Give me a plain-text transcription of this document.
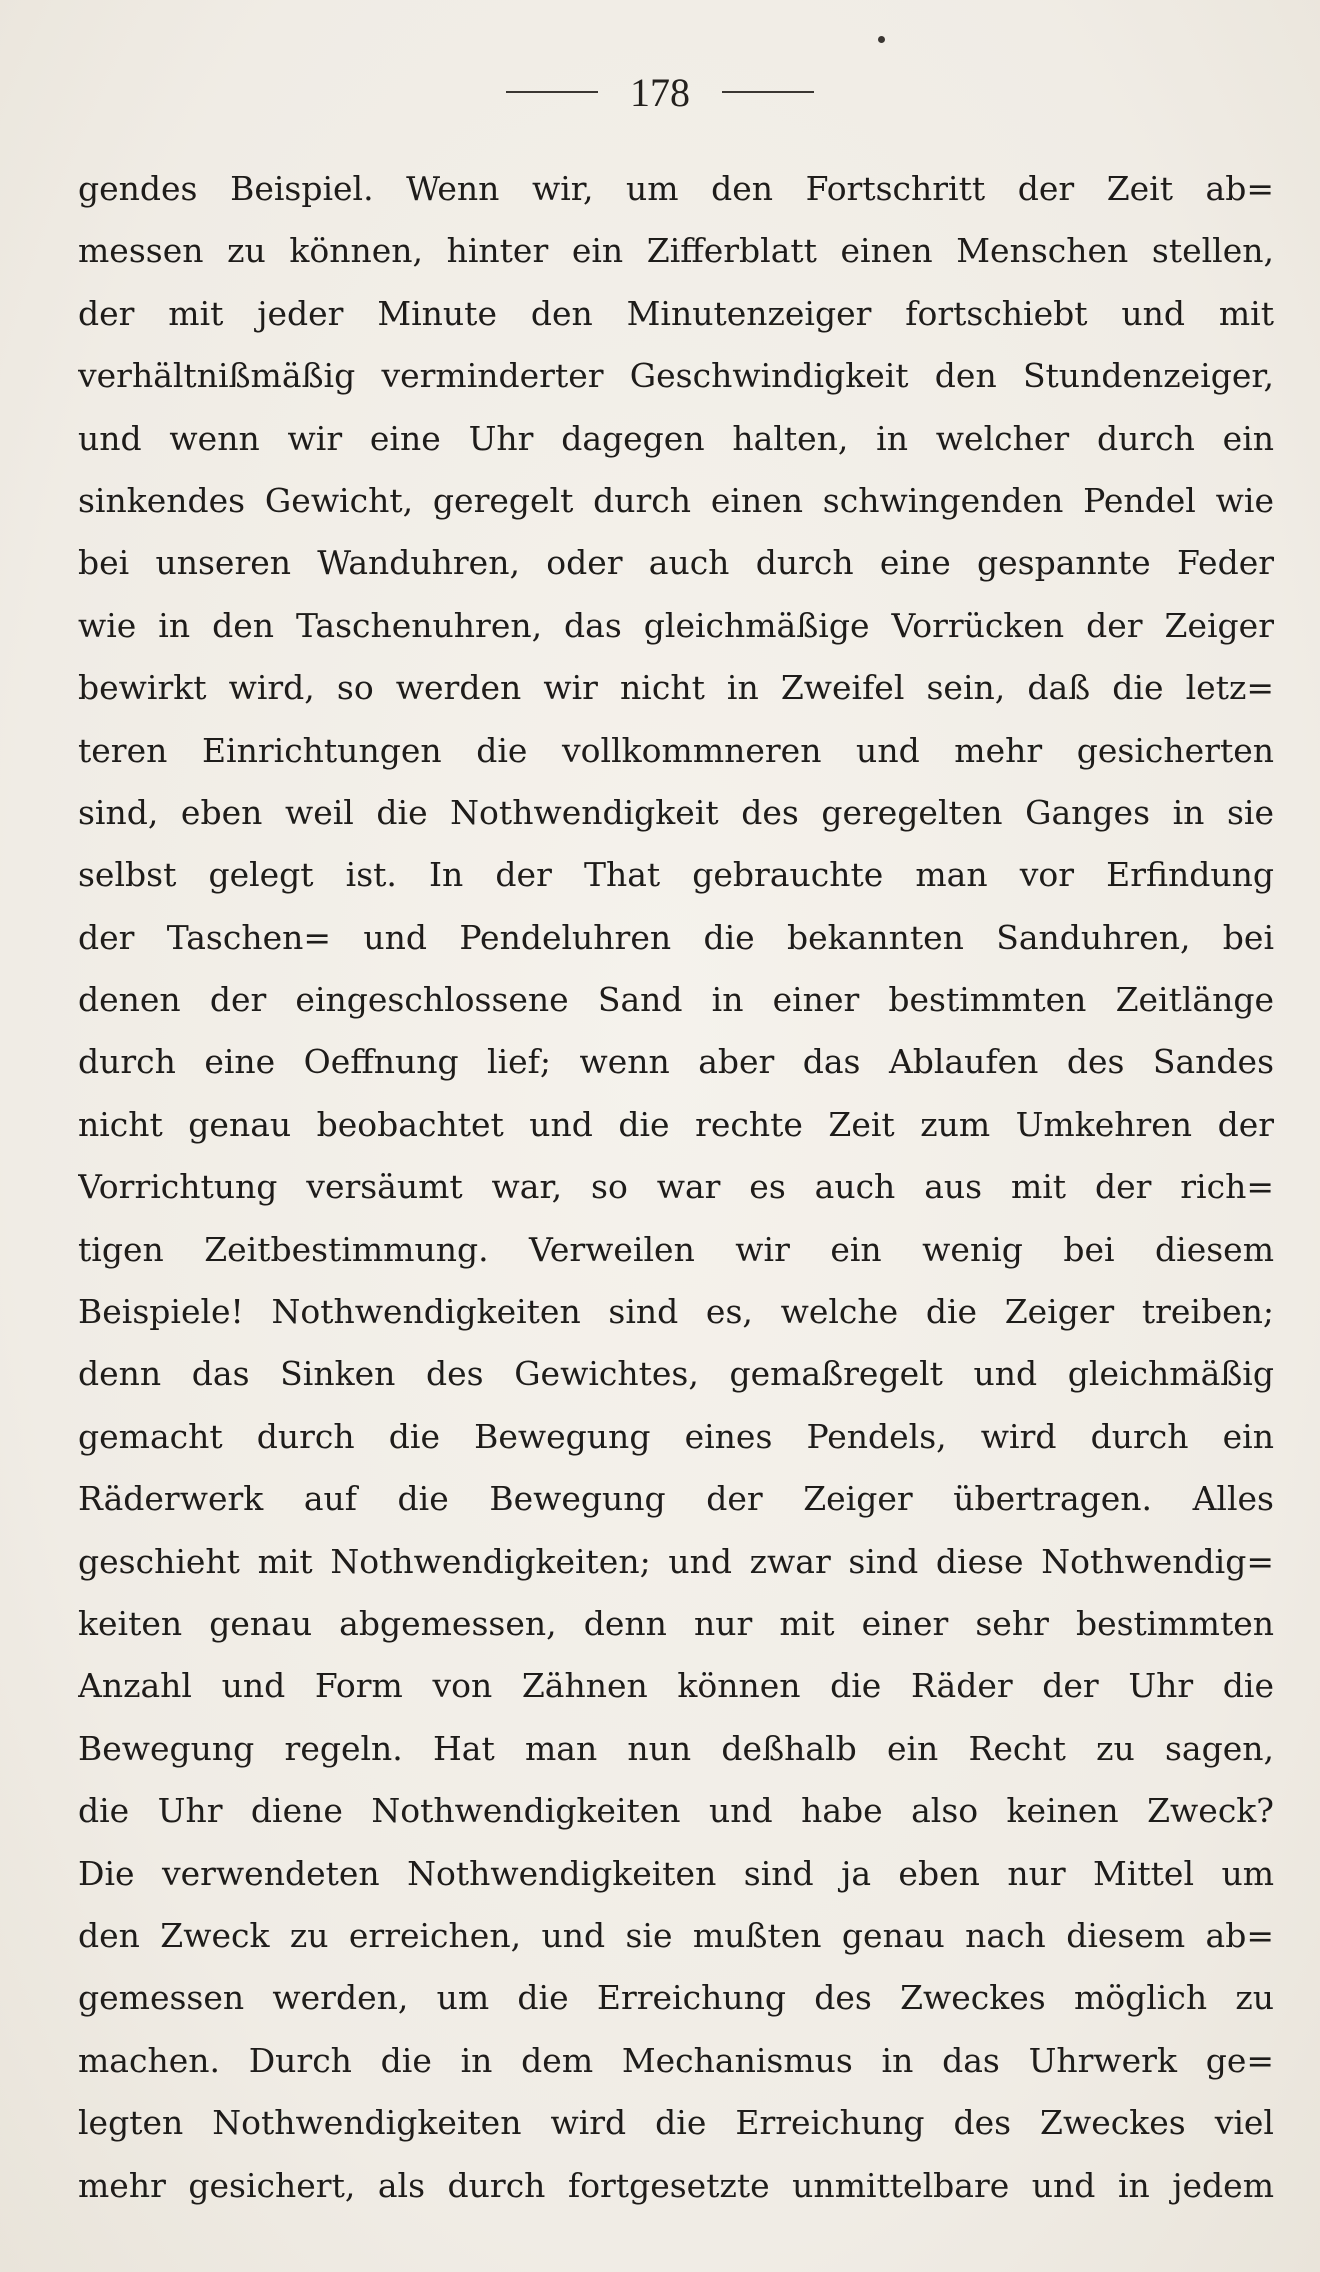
178
gendes Beispiel. Wenn wir, um den Fortschritt der Zeit ab=
messen zu können, hinter ein Zifferblatt einen Menschen stellen,
der mit jeder Minute den Minutenzeiger fortschiebt und mit
verhältnißmäßig verminderter Geschwindigkeit den Stundenzeiger,
und wenn wir eine Uhr dagegen halten, in welcher durch ein
sinkendes Gewicht, geregelt durch einen schwingenden Pendel wie
bei unseren Wanduhren, oder auch durch eine gespannte Feder
wie in den Taschenuhren, das gleichmäßige Vorrücken der Zeiger
bewirkt wird, so werden wir nicht in Zweifel sein, daß die letz=
teren Einrichtungen die vollkommneren und mehr gesicherten
sind, eben weil die Nothwendigkeit des geregelten Ganges in sie
selbst gelegt ist. In der That gebrauchte man vor Erfindung
der Taschen= und Pendeluhren die bekannten Sanduhren, bei
denen der eingeschlossene Sand in einer bestimmten Zeitlänge
durch eine Oeffnung lief; wenn aber das Ablaufen des Sandes
nicht genau beobachtet und die rechte Zeit zum Umkehren der
Vorrichtung versäumt war, so war es auch aus mit der rich=
tigen Zeitbestimmung. Verweilen wir ein wenig bei diesem
Beispiele! Nothwendigkeiten sind es, welche die Zeiger treiben;
denn das Sinken des Gewichtes, gemaßregelt und gleichmäßig
gemacht durch die Bewegung eines Pendels, wird durch ein
Räderwerk auf die Bewegung der Zeiger übertragen. Alles
geschieht mit Nothwendigkeiten; und zwar sind diese Nothwendig=
keiten genau abgemessen, denn nur mit einer sehr bestimmten
Anzahl und Form von Zähnen können die Räder der Uhr die
Bewegung regeln. Hat man nun deßhalb ein Recht zu sagen,
die Uhr diene Nothwendigkeiten und habe also keinen Zweck?
Die verwendeten Nothwendigkeiten sind ja eben nur Mittel um
den Zweck zu erreichen, und sie mußten genau nach diesem ab=
gemessen werden, um die Erreichung des Zweckes möglich zu
machen. Durch die in dem Mechanismus in das Uhrwerk ge=
legten Nothwendigkeiten wird die Erreichung des Zweckes viel
mehr gesichert, als durch fortgesetzte unmittelbare und in jedem
